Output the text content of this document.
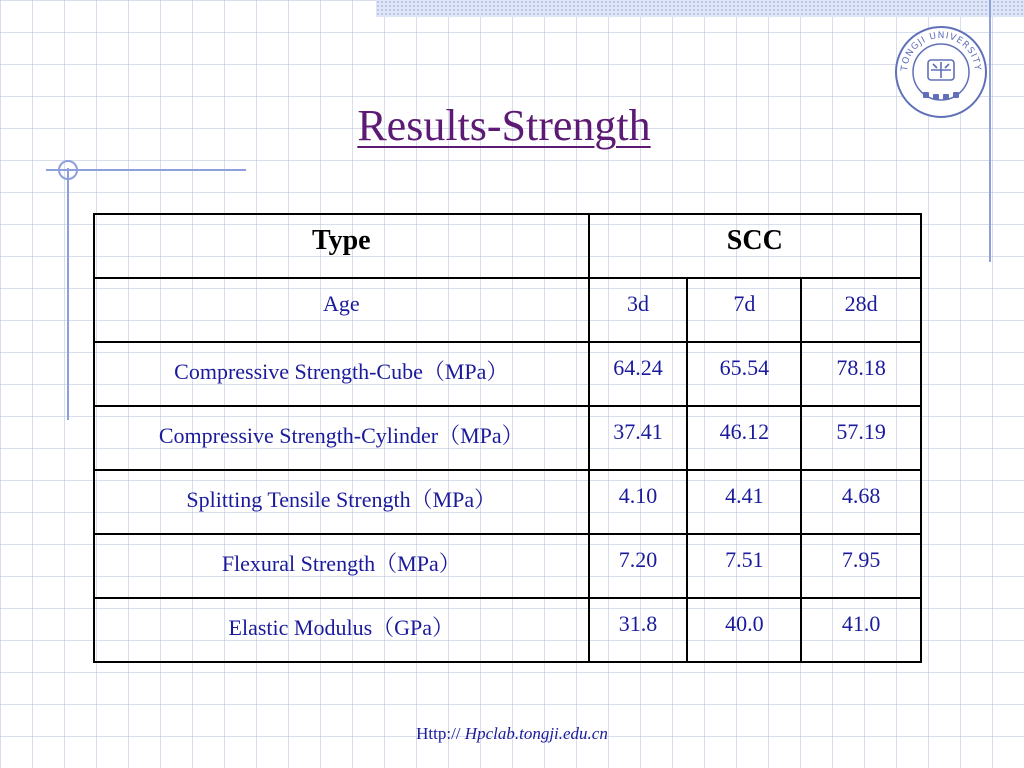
TONGJI UNIVERSITY
Results-Strength
Type	SCC		
Age	3d	7d	28d
Compressive Strength-Cube（MPa）	64.24	65.54	78.18
Compressive Strength-Cylinder（MPa）	37.41	46.12	57.19
Splitting Tensile Strength（MPa）	4.10	4.41	4.68
Flexural Strength（MPa）	7.20	7.51	7.95
Elastic Modulus（GPa）	31.8	40.0	41.0
Http:// Hpclab.tongji.edu.cn
